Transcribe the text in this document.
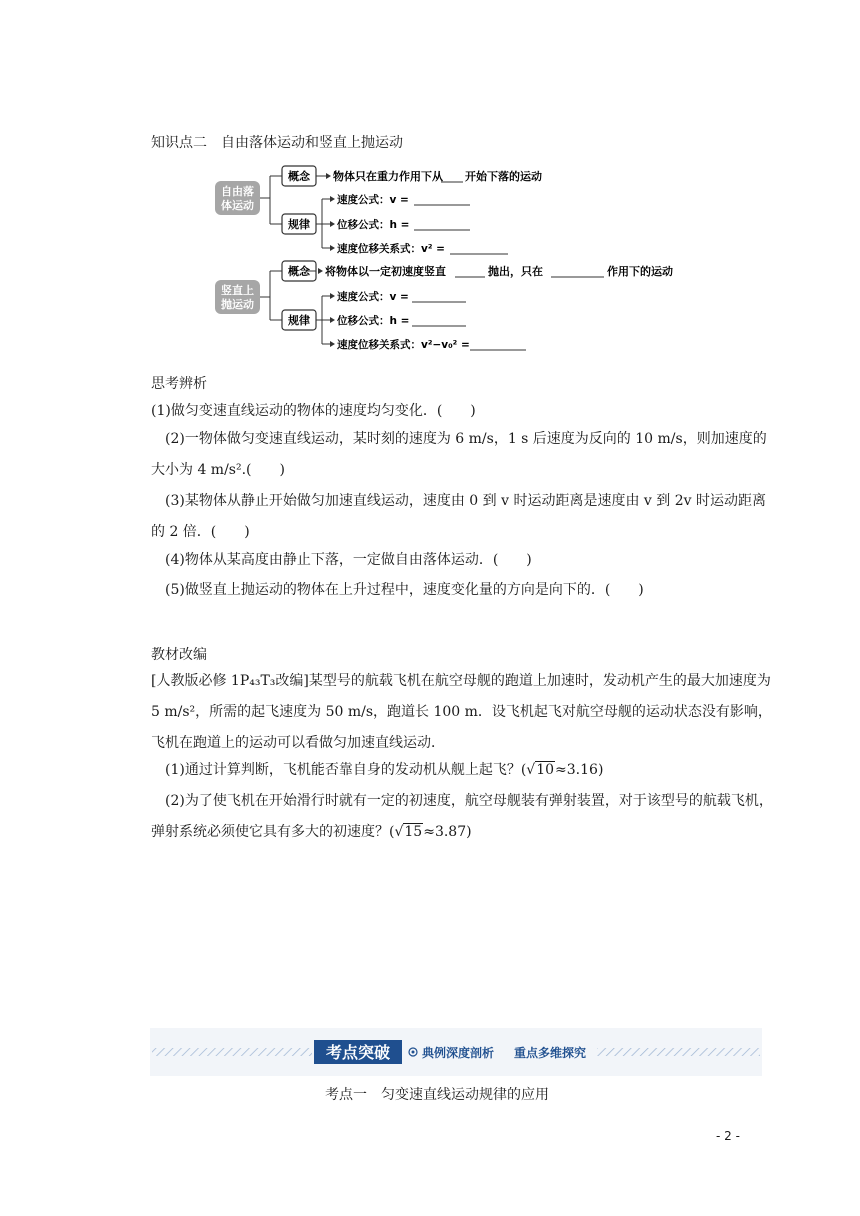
知识点二　自由落体运动和竖直上抛运动
自由落
体运动
概念 物体只在重力作用下从 开始下落的运动
规律
速度公式：v =
位移公式：h =
速度位移关系式：v² =
竖直上
抛运动
概念 将物体以一定初速度竖直	抛出，只在	作用下的运动
规律
速度公式：v =
位移公式：h =
速度位移关系式：v²−v₀² =
思考辨析
(1)做匀变速直线运动的物体的速度均匀变化．(　　)
(2)一物体做匀变速直线运动，某时刻的速度为 6 m/s，1 s 后速度为反向的 10 m/s，则加速度的大小为 4 m/s².(　　)
(3)某物体从静止开始做匀加速直线运动，速度由 0 到 v 时运动距离是速度由 v 到 2v 时运动距离的 2 倍．(　　)
(4)物体从某高度由静止下落，一定做自由落体运动．(　　)
(5)做竖直上抛运动的物体在上升过程中，速度变化量的方向是向下的．(　　)
教材改编
[人教版必修 1P₄₃T₃改编]某型号的航载飞机在航空母舰的跑道上加速时，发动机产生的最大加速度为 5 m/s²，所需的起飞速度为 50 m/s，跑道长 100 m．设飞机起飞对航空母舰的运动状态没有影响，飞机在跑道上的运动可以看做匀加速直线运动．
(1)通过计算判断，飞机能否靠自身的发动机从舰上起飞？(√10≈3.16)
(2)为了使飞机在开始滑行时就有一定的初速度，航空母舰装有弹射装置，对于该型号的航载飞机，弹射系统必须使它具有多大的初速度？(√15≈3.87)
考点突破	典例深度剖析 重点多维探究
考点一　匀变速直线运动规律的应用
- 2 -
